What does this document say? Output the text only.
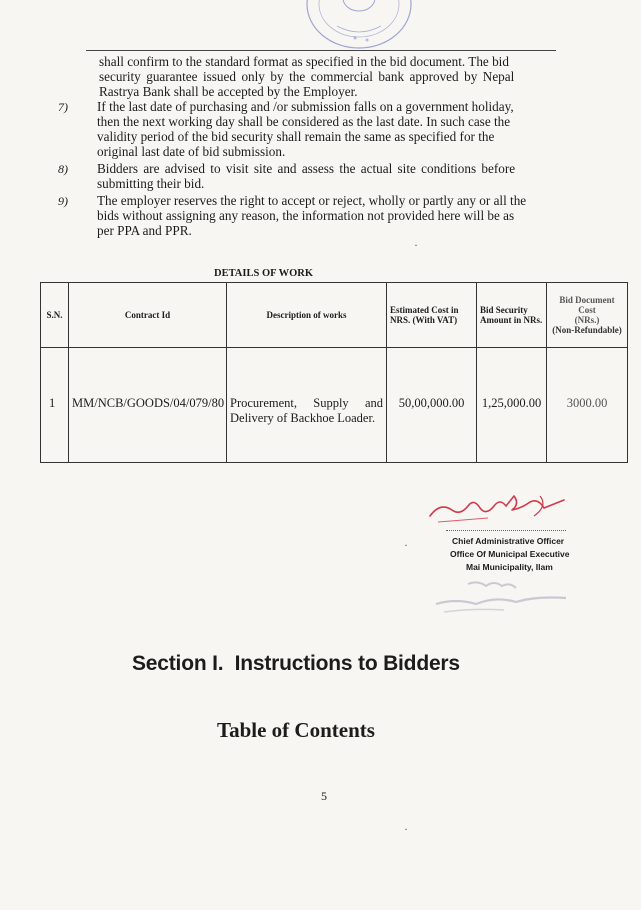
shall confirm to the standard format as specified in the bid document. The bid
security guarantee issued only by the commercial bank approved by Nepal
Rastrya Bank shall be accepted by the Employer.
7) If the last date of purchasing and /or submission falls on a government holiday,
then the next working day shall be considered as the last date. In such case the
validity period of the bid security shall remain the same as specified for the
original last date of bid submission.
8) Bidders are advised to visit site and assess the actual site conditions before
submitting their bid.
9) The employer reserves the right to accept or reject, wholly or partly any or all the
bids without assigning any reason, the information not provided here will be as
per PPA and PPR.
·
·
·
DETAILS OF WORK
S.N.	Contract Id	Description of works	Estimated Cost in NRS. (With VAT)	Bid Security Amount in NRs.	Bid Document Cost
(NRs.)
(Non-Refundable)

1	MM/NCB/GOODS/04/079/80	Procurement, Supply and Delivery of Backhoe Loader.	50,00,000.00	1,25,000.00	3000.00
Chief Administrative Officer
Office Of Municipal Executive
Mai Municipality, Ilam
Section I.  Instructions to Bidders
Table of Contents
5
